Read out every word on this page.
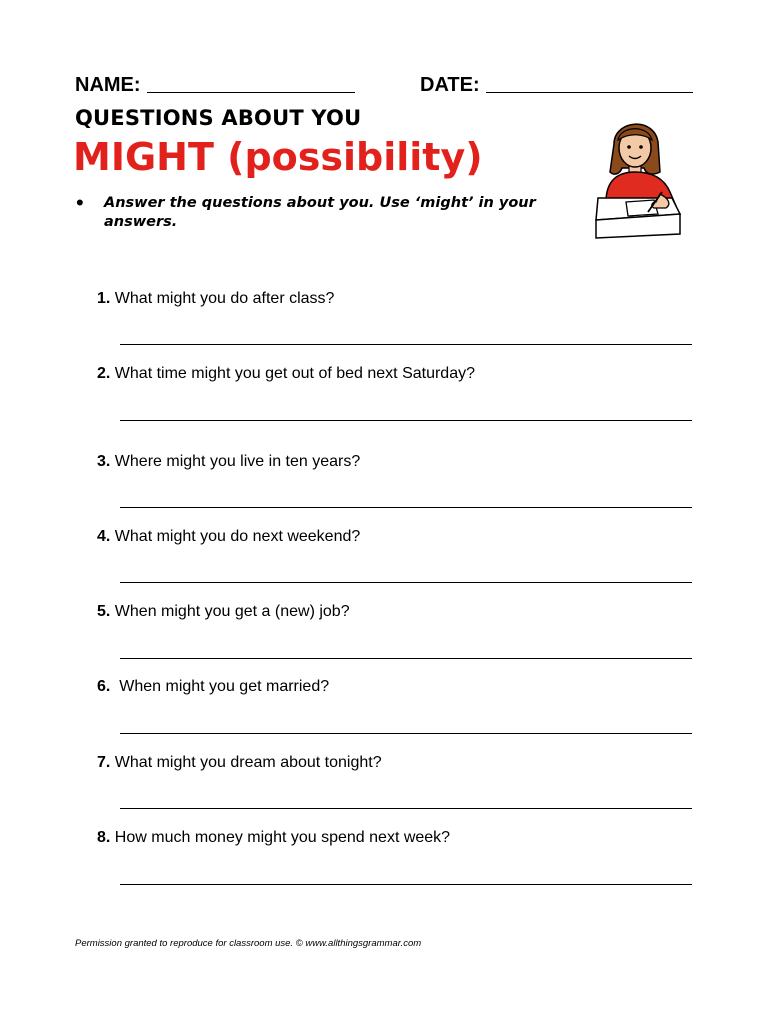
NAME:	DATE:
QUESTIONS ABOUT YOU
MIGHT (possibility)
• Answer the questions about you. Use ‘might’ in your answers.
1. What might you do after class?
2. What time might you get out of bed next Saturday?
3. Where might you live in ten years?
4. What might you do next weekend?
5. When might you get a (new) job?
6.  When might you get married?
7. What might you dream about tonight?
8. How much money might you spend next week?
Permission granted to reproduce for classroom use. © www.allthingsgrammar.com
